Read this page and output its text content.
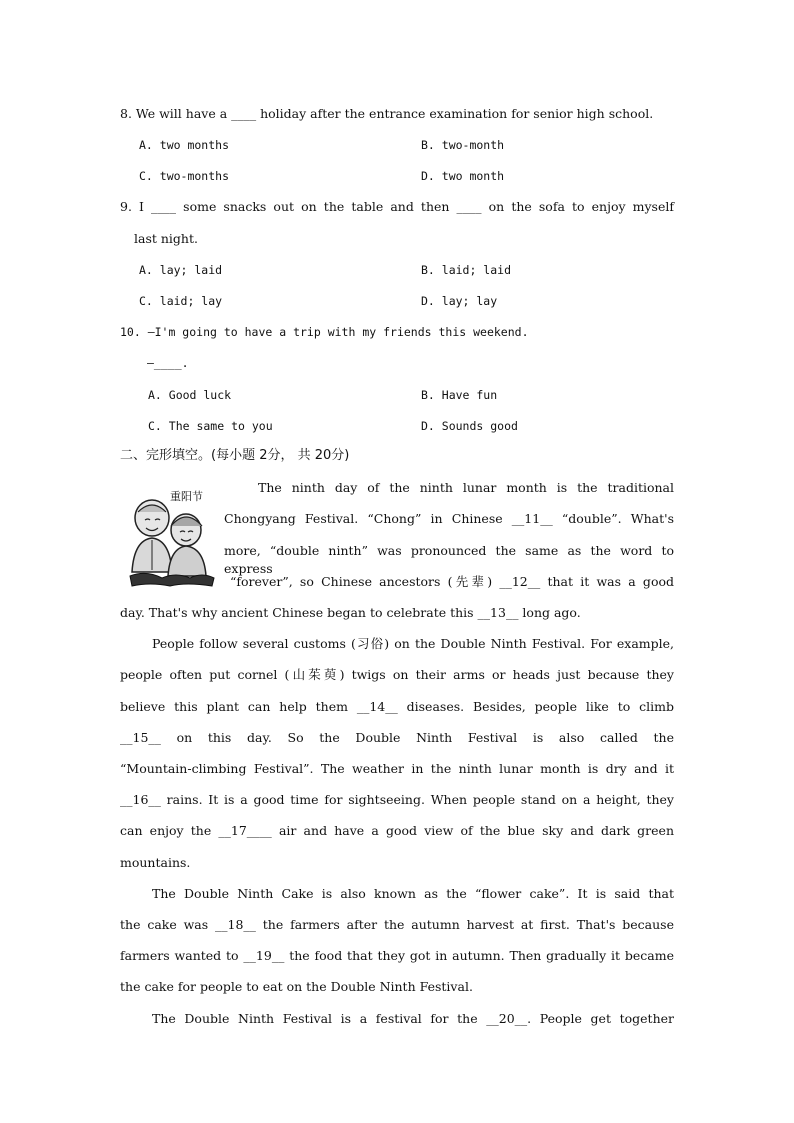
8. We will have a ____ holiday after the entrance examination for senior high school.
A. two months	B. two-month
C. two-months	D. two month
9. I ____ some snacks out on the table and then ____ on the sofa to enjoy myself
last night.
A. lay; laid	B. laid; laid
C. laid; lay	D. lay; lay
10. —I'm going to have a trip with my friends this weekend.
—____.
A. Good luck	B. Have fun
C. The same to you	D. Sounds good
二、完形填空。(每小题 2分， 共 20分)
重阳节
The ninth day of the ninth lunar month is the traditional
Chongyang Festival. “Chong” in Chinese __11__ “double”. What's
more, “double ninth” was pronounced the same as the word to express
“forever”, so Chinese ancestors (先辈) __12__ that it was a good
day. That's why ancient Chinese began to celebrate this __13__ long ago.
People follow several customs (习俗) on the Double Ninth Festival. For example,
people often put cornel (山茱萸) twigs on their arms or heads just because they
believe this plant can help them __14__ diseases. Besides, people like to climb
__15__ on this day. So the Double Ninth Festival is also called the
“Mountain-climbing Festival”. The weather in the ninth lunar month is dry and it
__16__ rains. It is a good time for sightseeing. When people stand on a height, they
can enjoy the __17____ air and have a good view of the blue sky and dark green
mountains.
The Double Ninth Cake is also known as the “flower cake”. It is said that
the cake was __18__ the farmers after the autumn harvest at first. That's because
farmers wanted to __19__ the food that they got in autumn. Then gradually it became
the cake for people to eat on the Double Ninth Festival.
The Double Ninth Festival is a festival for the __20__. People get together
